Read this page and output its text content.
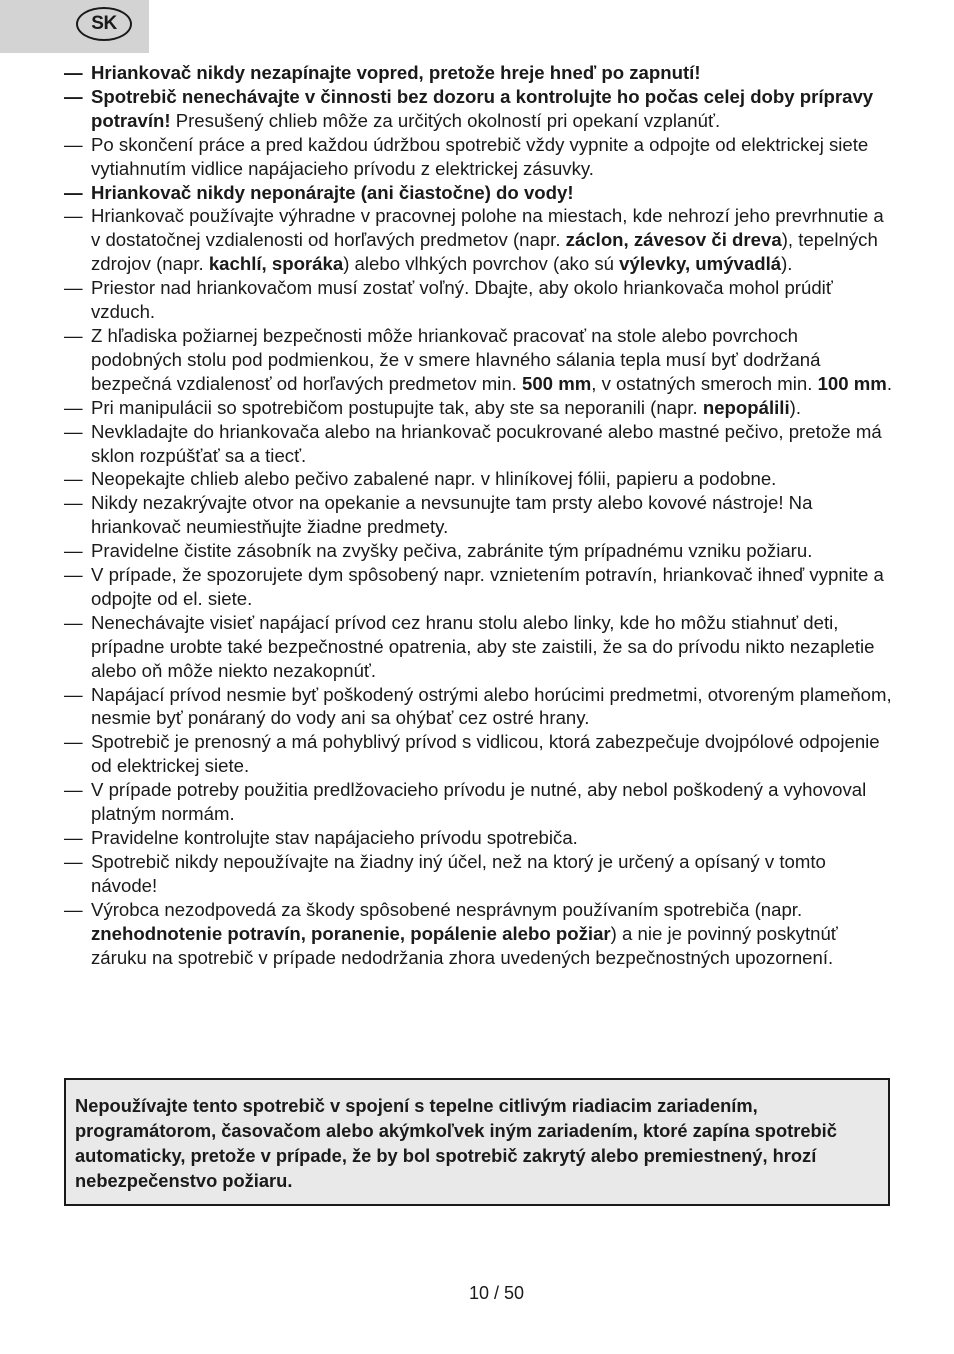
SK
— Hriankovač nikdy nezapínajte vopred, pretože hreje hneď po zapnutí!
— Spotrebič nenechávajte v činnosti bez dozoru a kontrolujte ho počas celej doby prípravy potravín! Presušený chlieb môže za určitých okolností pri opekaní vzplanúť.
— Po skončení práce a pred každou údržbou spotrebič vždy vypnite a odpojte od elektrickej siete vytiahnutím vidlice napájacieho prívodu z elektrickej zásuvky.
— Hriankovač nikdy neponárajte (ani čiastočne) do vody!
— Hriankovač používajte výhradne v pracovnej polohe na miestach, kde nehrozí jeho prevrhnutie a v dostatočnej vzdialenosti od horľavých predmetov (napr. záclon, závesov či dreva), tepelných zdrojov (napr. kachlí, sporáka) alebo vlhkých povrchov (ako sú výlevky, umývadlá).
— Priestor nad hriankovačom musí zostať voľný. Dbajte, aby okolo hriankovača mohol prúdiť vzduch.
— Z hľadiska požiarnej bezpečnosti môže hriankovač pracovať na stole alebo povrchoch podobných stolu pod podmienkou, že v smere hlavného sálania tepla musí byť dodržaná bezpečná vzdialenosť od horľavých predmetov min. 500 mm, v ostatných smeroch min. 100 mm.
— Pri manipulácii so spotrebičom postupujte tak, aby ste sa neporanili (napr. nepopálili).
— Nevkladajte do hriankovača alebo na hriankovač pocukrované alebo mastné pečivo, pretože má sklon rozpúšťať sa a tiecť.
— Neopekajte chlieb alebo pečivo zabalené napr. v hliníkovej fólii, papieru a podobne.
— Nikdy nezakrývajte otvor na opekanie a nevsunujte tam prsty alebo kovové nástroje! Na hriankovač neumiestňujte žiadne predmety.
— Pravidelne čistite zásobník na zvyšky pečiva, zabránite tým prípadnému vzniku požiaru.
— V prípade, že spozorujete dym spôsobený napr. vznietením potravín, hriankovač ihneď vypnite a odpojte od el. siete.
— Nenechávajte visieť napájací prívod cez hranu stolu alebo linky, kde ho môžu stiahnuť deti, prípadne urobte také bezpečnostné opatrenia, aby ste zaistili, že sa do prívodu nikto nezapletie alebo oň môže niekto nezakopnúť.
— Napájací prívod nesmie byť poškodený ostrými alebo horúcimi predmetmi, otvoreným plameňom, nesmie byť ponáraný do vody ani sa ohýbať cez ostré hrany.
— Spotrebič je prenosný a má pohyblivý prívod s vidlicou, ktorá zabezpečuje dvojpólové odpojenie od elektrickej siete.
— V prípade potreby použitia predlžovacieho prívodu je nutné, aby nebol poškodený a vyhovoval platným normám.
— Pravidelne kontrolujte stav napájacieho prívodu spotrebiča.
— Spotrebič nikdy nepoužívajte na žiadny iný účel, než na ktorý je určený a opísaný v tomto návode!
— Výrobca nezodpovedá za škody spôsobené nesprávnym používaním spotrebiča (napr. znehodnotenie potravín, poranenie, popálenie alebo požiar) a nie je povinný poskytnúť záruku na spotrebič v prípade nedodržania zhora uvedených bezpečnostných upozornení.
Nepoužívajte tento spotrebič v spojení s tepelne citlivým riadiacim zariadením, programátorom, časovačom alebo akýmkoľvek iným zariadením, ktoré zapína spotrebič automaticky, pretože v prípade, že by bol spotrebič zakrytý alebo premiestnený, hrozí nebezpečenstvo požiaru.
10 / 50
